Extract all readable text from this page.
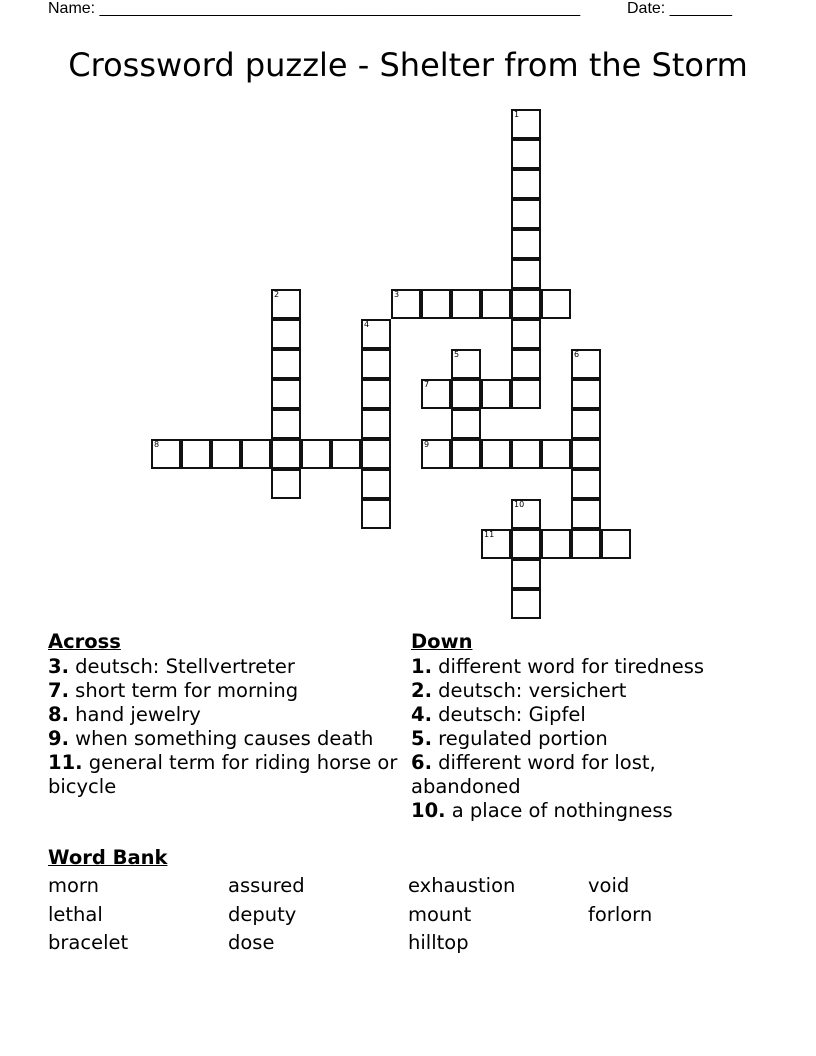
Name: ______________________________________________________	Date: _______
Crossword puzzle - Shelter from the Storm
1
2	3
4
5	6
7
8	9
10
11
Across
3. deutsch: Stellvertreter
7. short term for morning
8. hand jewelry
9. when something causes death
11. general term for riding horse or bicycle
Down
1. different word for tiredness
2. deutsch: versichert
4. deutsch: Gipfel
5. regulated portion
6. different word for lost, abandoned
10. a place of nothingness
Word Bank
morn	assured	exhaustion	void
lethal	deputy	mount	forlorn
bracelet	dose	hilltop
